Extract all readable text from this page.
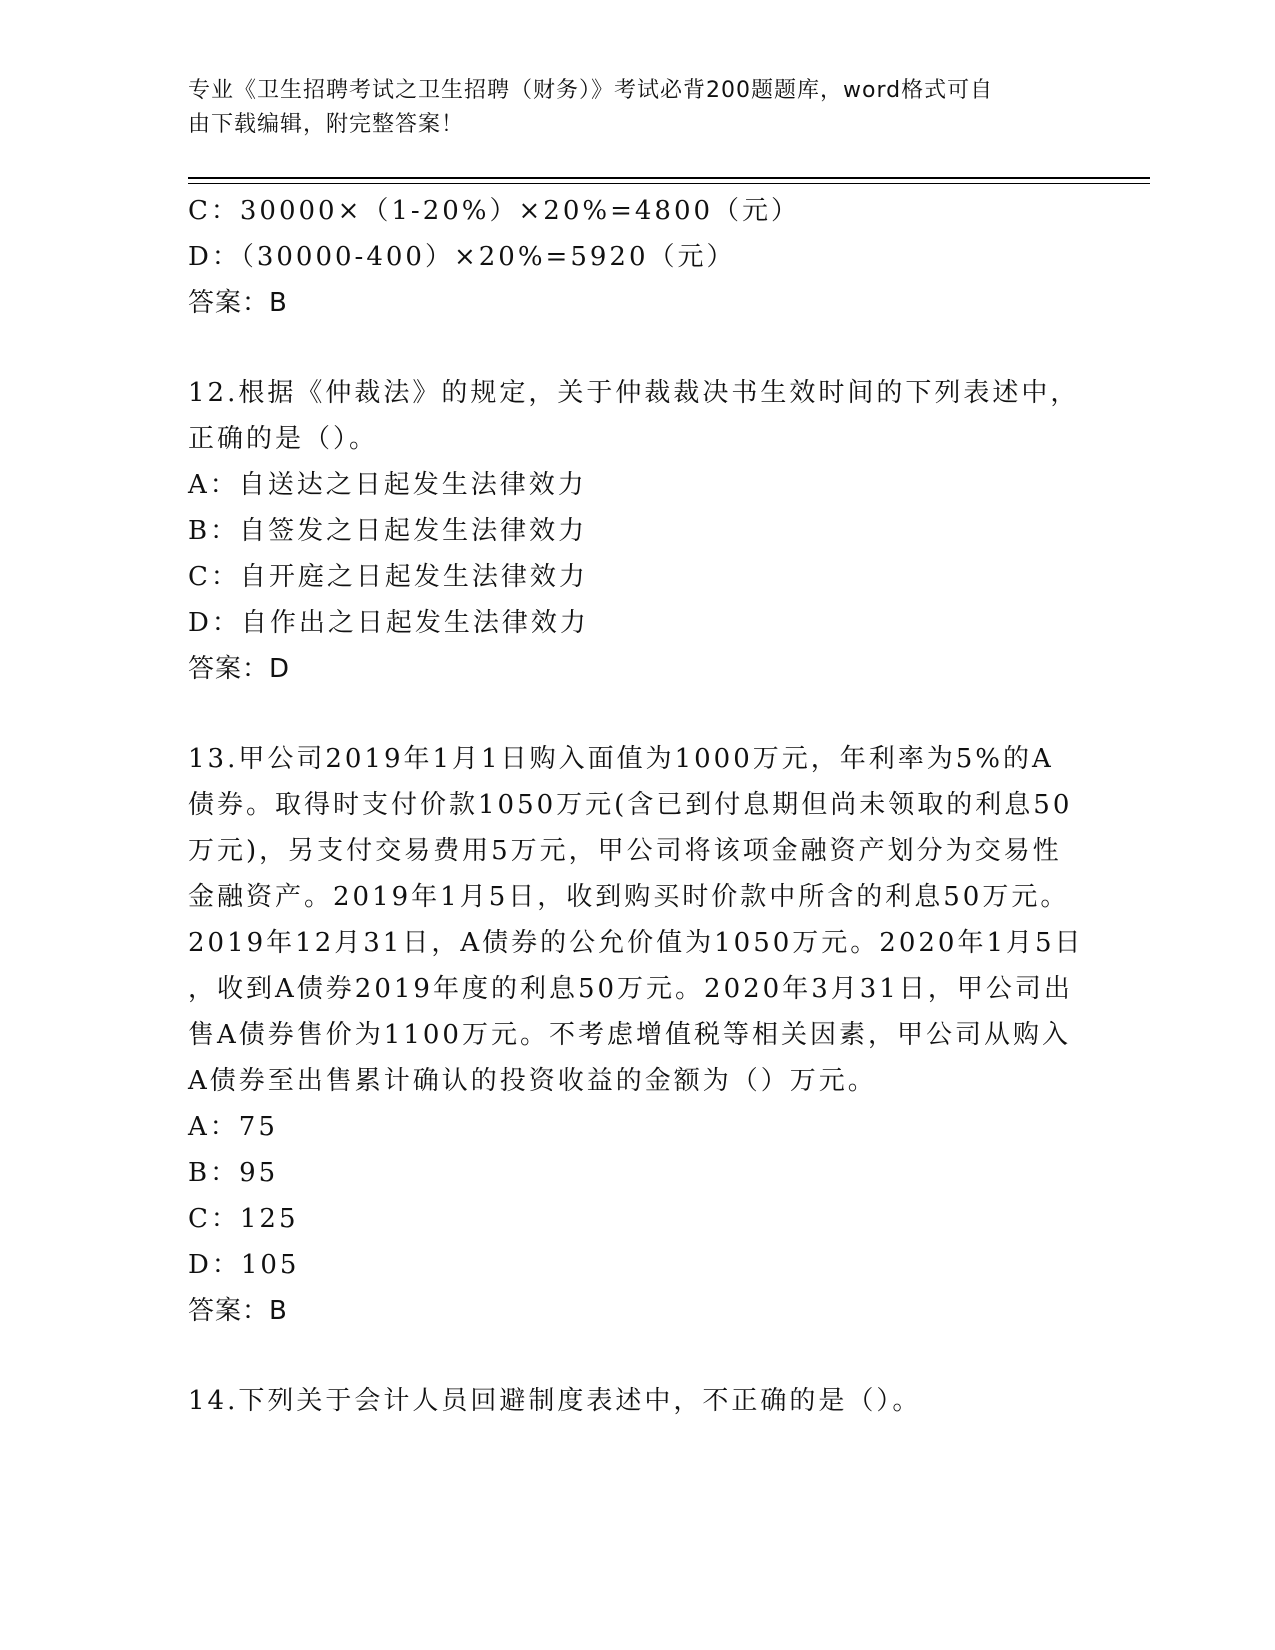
专业《卫生招聘考试之卫生招聘（财务）》考试必背200题题库，word格式可自
由下载编辑，附完整答案！
C：30000×（1-20%）×20%=4800（元）
D：（30000-400）×20%=5920（元）
答案：B
12.根据《仲裁法》的规定，关于仲裁裁决书生效时间的下列表述中，
正确的是（）。
A：自送达之日起发生法律效力
B：自签发之日起发生法律效力
C：自开庭之日起发生法律效力
D：自作出之日起发生法律效力
答案：D
13.甲公司2019年1月1日购入面值为1000万元，年利率为5%的A
债券。取得时支付价款1050万元(含已到付息期但尚未领取的利息50
万元)，另支付交易费用5万元，甲公司将该项金融资产划分为交易性
金融资产。2019年1月5日，收到购买时价款中所含的利息50万元。
2019年12月31日，A债券的公允价值为1050万元。2020年1月5日
，收到A债券2019年度的利息50万元。2020年3月31日，甲公司出
售A债券售价为1100万元。不考虑增值税等相关因素，甲公司从购入
A债券至出售累计确认的投资收益的金额为（）万元。
A：75
B：95
C：125
D：105
答案：B
14.下列关于会计人员回避制度表述中，不正确的是（）。
